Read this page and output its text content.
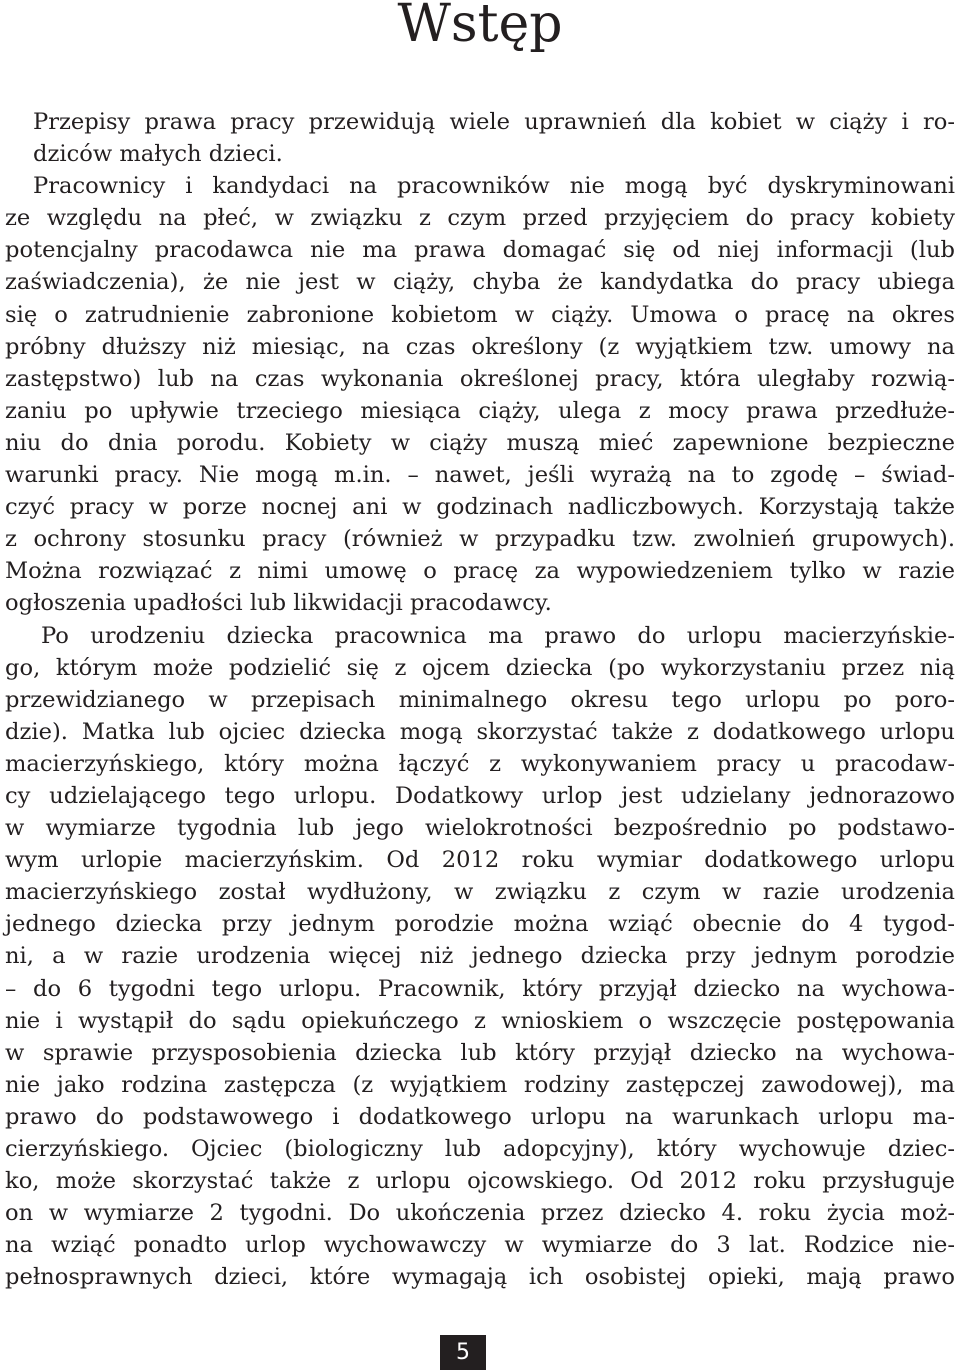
Wstęp
Przepisy prawa pracy przewidują wiele uprawnień dla kobiet w ciąży i ro-
dziców małych dzieci.
Pracownicy i kandydaci na pracowników nie mogą być dyskryminowani
ze względu na płeć, w związku z czym przed przyjęciem do pracy kobiety
potencjalny pracodawca nie ma prawa domagać się od niej informacji (lub
zaświadczenia), że nie jest w ciąży, chyba że kandydatka do pracy ubiega
się o zatrudnienie zabronione kobietom w ciąży. Umowa o pracę na okres
próbny dłuższy niż miesiąc, na czas określony (z wyjątkiem tzw. umowy na
zastępstwo) lub na czas wykonania określonej pracy, która uległaby rozwią-
zaniu po upływie trzeciego miesiąca ciąży, ulega z mocy prawa przedłuże-
niu do dnia porodu. Kobiety w ciąży muszą mieć zapewnione bezpieczne
warunki pracy. Nie mogą m.in. – nawet, jeśli wyrażą na to zgodę – świad-
czyć pracy w porze nocnej ani w godzinach nadliczbowych. Korzystają także
z ochrony stosunku pracy (również w przypadku tzw. zwolnień grupowych).
Można rozwiązać z nimi umowę o pracę za wypowiedzeniem tylko w razie
ogłoszenia upadłości lub likwidacji pracodawcy.
Po urodzeniu dziecka pracownica ma prawo do urlopu macierzyńskie-
go, którym może podzielić się z ojcem dziecka (po wykorzystaniu przez nią
przewidzianego w przepisach minimalnego okresu tego urlopu po poro-
dzie). Matka lub ojciec dziecka mogą skorzystać także z dodatkowego urlopu
macierzyńskiego, który można łączyć z wykonywaniem pracy u pracodaw-
cy udzielającego tego urlopu. Dodatkowy urlop jest udzielany jednorazowo
w wymiarze tygodnia lub jego wielokrotności bezpośrednio po podstawo-
wym urlopie macierzyńskim. Od 2012 roku wymiar dodatkowego urlopu
macierzyńskiego został wydłużony, w związku z czym w razie urodzenia
jednego dziecka przy jednym porodzie można wziąć obecnie do 4 tygod-
ni, a w razie urodzenia więcej niż jednego dziecka przy jednym porodzie
– do 6 tygodni tego urlopu. Pracownik, który przyjął dziecko na wychowa-
nie i wystąpił do sądu opiekuńczego z wnioskiem o wszczęcie postępowania
w sprawie przysposobienia dziecka lub który przyjął dziecko na wychowa-
nie jako rodzina zastępcza (z wyjątkiem rodziny zastępczej zawodowej), ma
prawo do podstawowego i dodatkowego urlopu na warunkach urlopu ma-
cierzyńskiego. Ojciec (biologiczny lub adopcyjny), który wychowuje dziec-
ko, może skorzystać także z urlopu ojcowskiego. Od 2012 roku przysługuje
on w wymiarze 2 tygodni. Do ukończenia przez dziecko 4. roku życia moż-
na wziąć ponadto urlop wychowawczy w wymiarze do 3 lat. Rodzice nie-
pełnosprawnych dzieci, które wymagają ich osobistej opieki, mają prawo
5
